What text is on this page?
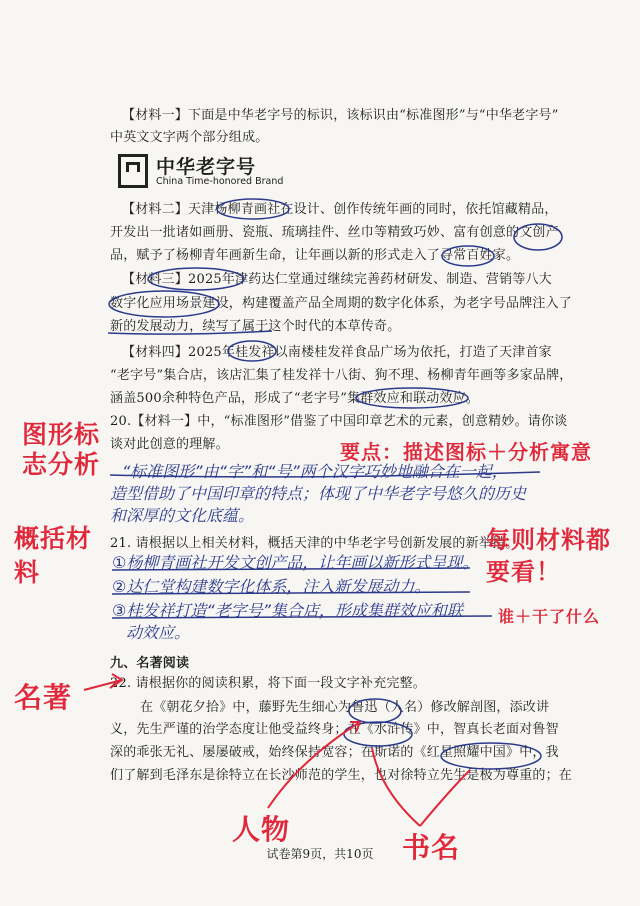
【材料一】下面是中华老字号的标识，该标识由“标准图形”与“中华老字号”
中英文文字两个部分组成。
中华老字号
China Time-honored Brand
【材料二】天津杨柳青画社在设计、创作传统年画的同时，依托馆藏精品，
开发出一批诸如画册、瓷瓶、琉璃挂件、丝巾等精致巧妙、富有创意的文创产
品，赋予了杨柳青年画新生命，让年画以新的形式走入了寻常百姓家。
【材料三】2025年津药达仁堂通过继续完善药材研发、制造、营销等八大
数字化应用场景建设，构建覆盖产品全周期的数字化体系，为老字号品牌注入了
新的发展动力，续写了属于这个时代的本草传奇。
【材料四】2025年桂发祥以南楼桂发祥食品广场为依托，打造了天津首家
“老字号”集合店，该店汇集了桂发祥十八街、狗不理、杨柳青年画等多家品牌，
涵盖500余种特色产品，形成了“老字号”集群效应和联动效应。
20.【材料一】中，“标准图形”借鉴了中国印章艺术的元素，创意精妙。请你谈
谈对此创意的理解。
21. 请根据以上相关材料，概括天津的中华老字号创新发展的新举措。
九、名著阅读
22. 请根据你的阅读积累，将下面一段文字补充完整。
在《朝花夕拾》中，藤野先生细心为鲁迅（人名）修改解剖图，添改讲
义，先生严谨的治学态度让他受益终身；在《水浒传》中，智真长老面对鲁智
深的乖张无礼、屡屡破戒，始终保持宽容；在斯诺的《红星照耀中国》中，我
们了解到毛泽东是徐特立在长沙师范的学生，也对徐特立先生是极为尊重的；在
试卷第9页，共10页
“标准图形”由“字”和“号”两个汉字巧妙地融合在一起，
造型借助了中国印章的特点；体现了中华老字号悠久的历史
和深厚的文化底蕴。
①杨柳青画社开发文创产品，让年画以新形式呈现。
②达仁堂构建数字化体系，注入新发展动力。
③桂发祥打造“老字号”集合店，形成集群效应和联
动效应。
图形标志分析	要点：描述图标＋分析寓意
概括材料
每则材料都要看！
谁＋干了什么
名著
人物
书名
